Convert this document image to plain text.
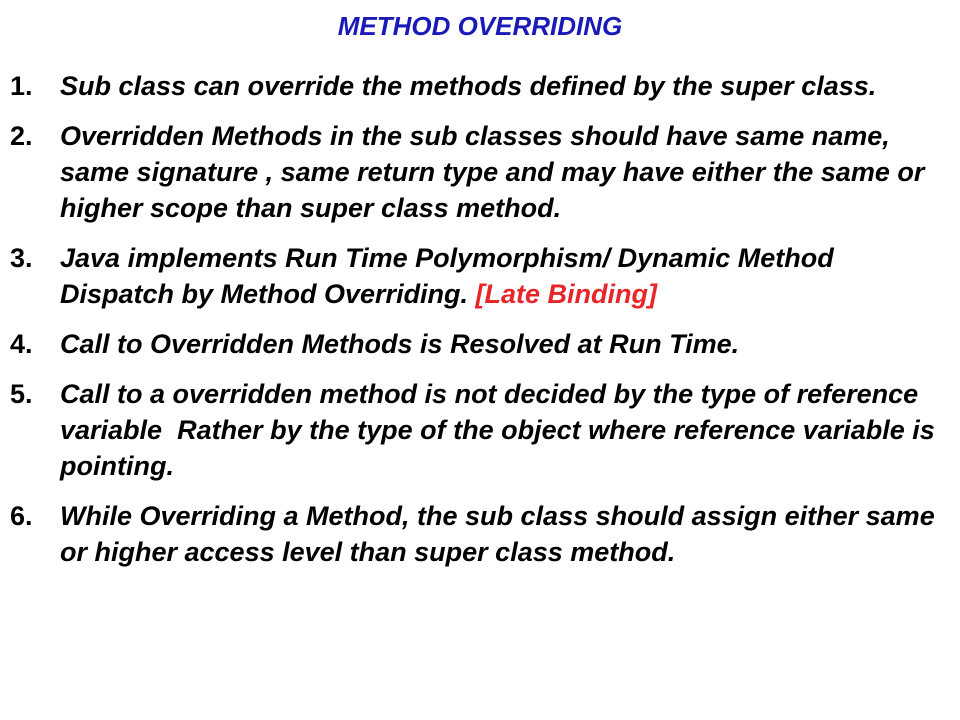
METHOD OVERRIDING
1.	Sub class can override the methods defined by the super class.
2.	Overridden Methods in the sub classes should have same name, same signature , same return type and may have either the same or higher scope than super class method.
3.	Java implements Run Time Polymorphism/ Dynamic Method Dispatch by Method Overriding. [Late Binding]
4.	Call to Overridden Methods is Resolved at Run Time.
5.	Call to a overridden method is not decided by the type of reference variable  Rather by the type of the object where reference variable is pointing.
6.	While Overriding a Method, the sub class should assign either same or higher access level than super class method.
